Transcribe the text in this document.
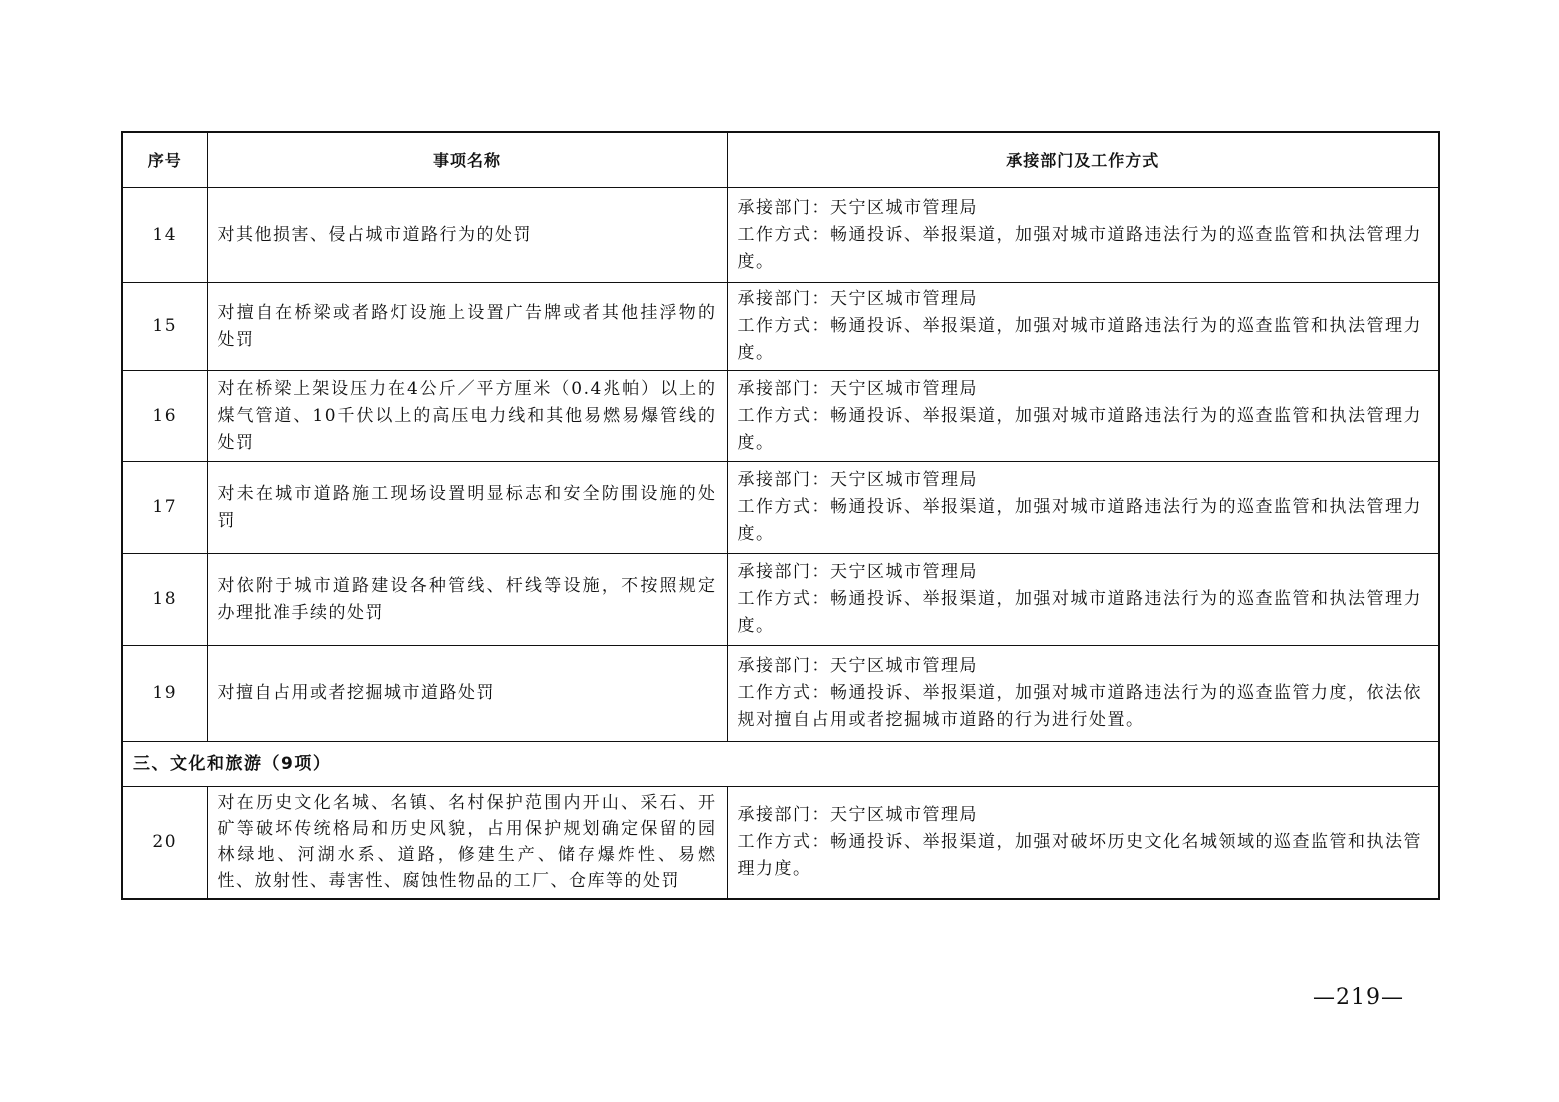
序号	事项名称	承接部门及工作方式
14	对其他损害、侵占城市道路行为的处罚	承接部门：天宁区城市管理局
工作方式：畅通投诉、举报渠道，加强对城市道路违法行为的巡查监管和执法管理力度。

15	对擅自在桥梁或者路灯设施上设置广告牌或者其他挂浮物的处罚	承接部门：天宁区城市管理局
工作方式：畅通投诉、举报渠道，加强对城市道路违法行为的巡查监管和执法管理力度。

16	对在桥梁上架设压力在4公斤／平方厘米（0.4兆帕）以上的煤气管道、10千伏以上的高压电力线和其他易燃易爆管线的处罚	承接部门：天宁区城市管理局
工作方式：畅通投诉、举报渠道，加强对城市道路违法行为的巡查监管和执法管理力度。

17	对未在城市道路施工现场设置明显标志和安全防围设施的处罚	承接部门：天宁区城市管理局
工作方式：畅通投诉、举报渠道，加强对城市道路违法行为的巡查监管和执法管理力度。

18	对依附于城市道路建设各种管线、杆线等设施，不按照规定办理批准手续的处罚	承接部门：天宁区城市管理局
工作方式：畅通投诉、举报渠道，加强对城市道路违法行为的巡查监管和执法管理力度。

19	对擅自占用或者挖掘城市道路处罚	承接部门：天宁区城市管理局
工作方式：畅通投诉、举报渠道，加强对城市道路违法行为的巡查监管力度，依法依规对擅自占用或者挖掘城市道路的行为进行处置。

三、文化和旅游（9项）		
20	对在历史文化名城、名镇、名村保护范围内开山、采石、开矿等破坏传统格局和历史风貌，占用保护规划确定保留的园林绿地、河湖水系、道路，修建生产、储存爆炸性、易燃性、放射性、毒害性、腐蚀性物品的工厂、仓库等的处罚	承接部门：天宁区城市管理局
工作方式：畅通投诉、举报渠道，加强对破坏历史文化名城领域的巡查监管和执法管理力度。
—219—
